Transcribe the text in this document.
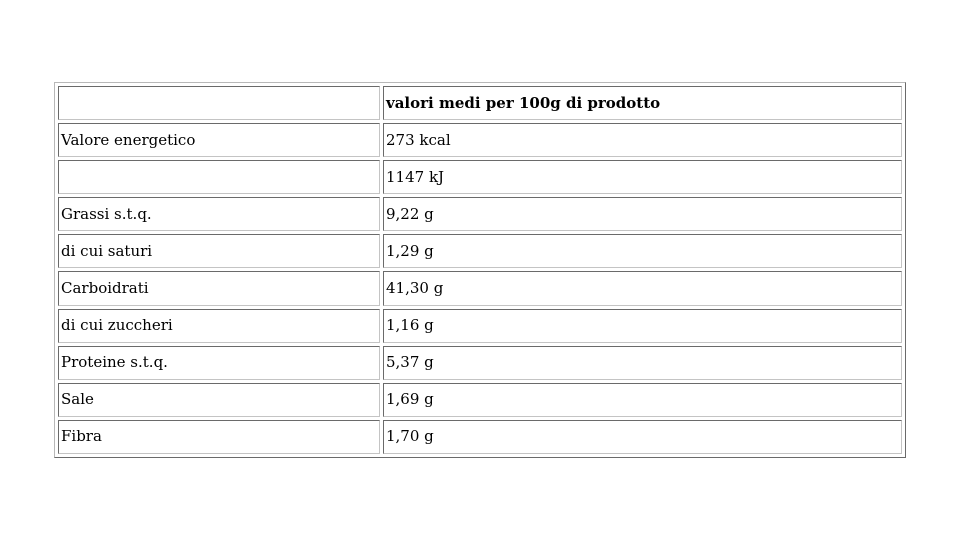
	valori medi per 100g di prodotto
Valore energetico	273 kcal
	1147 kJ
Grassi s.t.q.	9,22 g
di cui saturi	1,29 g
Carboidrati	41,30 g
di cui zuccheri	1,16 g
Proteine s.t.q.	5,37 g
Sale	1,69 g
Fibra	1,70 g
